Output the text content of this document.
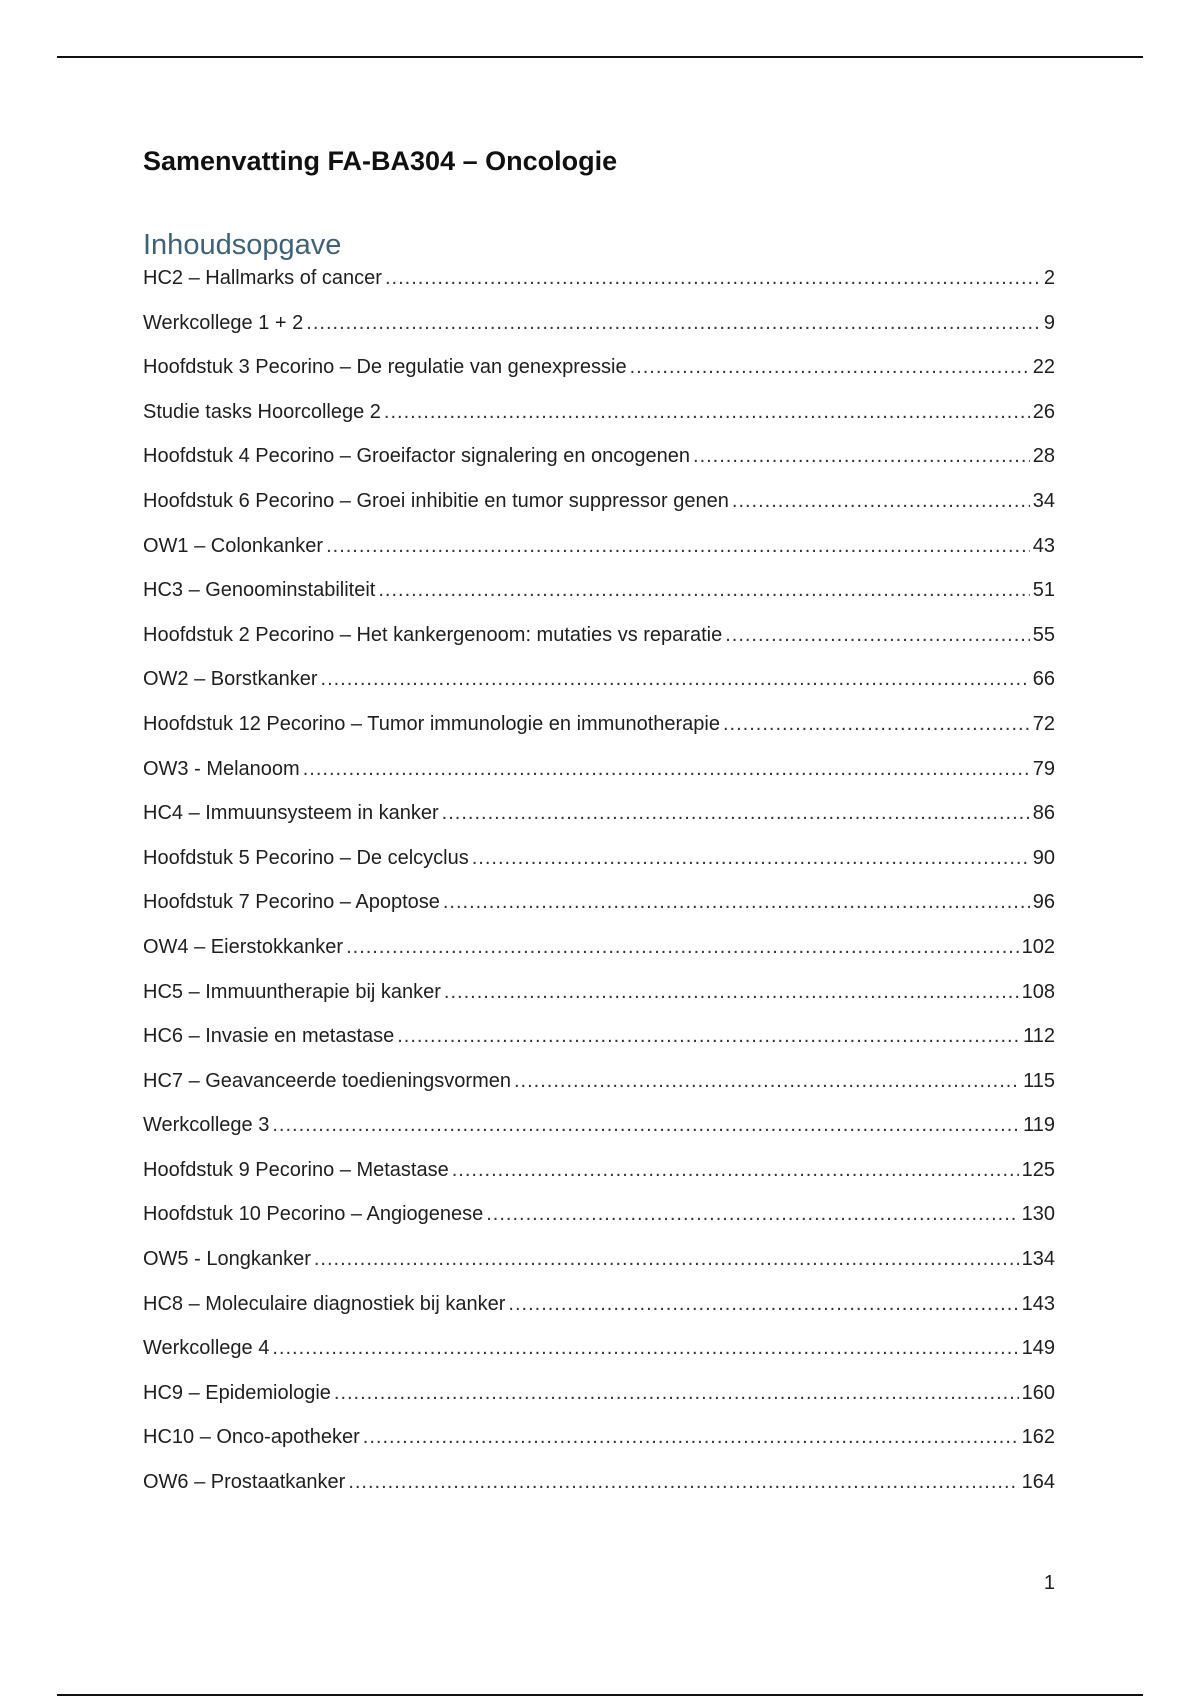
Samenvatting FA-BA304 – Oncologie
Inhoudsopgave
HC2 – Hallmarks of cancer .....	2
Werkcollege 1 + 2 .....	9
Hoofdstuk 3 Pecorino – De regulatie van genexpressie .....	22
Studie tasks Hoorcollege 2 .....	26
Hoofdstuk 4 Pecorino – Groeifactor signalering en oncogenen .....	28
Hoofdstuk 6 Pecorino – Groei inhibitie en tumor suppressor genen .....	34
OW1 – Colonkanker .....	43
HC3 – Genoominstabiliteit .....	51
Hoofdstuk 2 Pecorino – Het kankergenoom: mutaties vs reparatie .....	55
OW2 – Borstkanker .....	66
Hoofdstuk 12 Pecorino – Tumor immunologie en immunotherapie .....	72
OW3 - Melanoom .....	79
HC4 – Immuunsysteem in kanker .....	86
Hoofdstuk 5 Pecorino – De celcyclus .....	90
Hoofdstuk 7 Pecorino – Apoptose .....	96
OW4 – Eierstokkanker .....	102
HC5 – Immuuntherapie bij kanker .....	108
HC6 – Invasie en metastase .....	112
HC7 – Geavanceerde toedieningsvormen .....	115
Werkcollege 3 .....	119
Hoofdstuk 9 Pecorino – Metastase .....	125
Hoofdstuk 10 Pecorino – Angiogenese .....	130
OW5 - Longkanker .....	134
HC8 – Moleculaire diagnostiek bij kanker .....	143
Werkcollege 4 .....	149
HC9 – Epidemiologie .....	160
HC10 – Onco-apotheker .....	162
OW6 – Prostaatkanker .....	164
1
